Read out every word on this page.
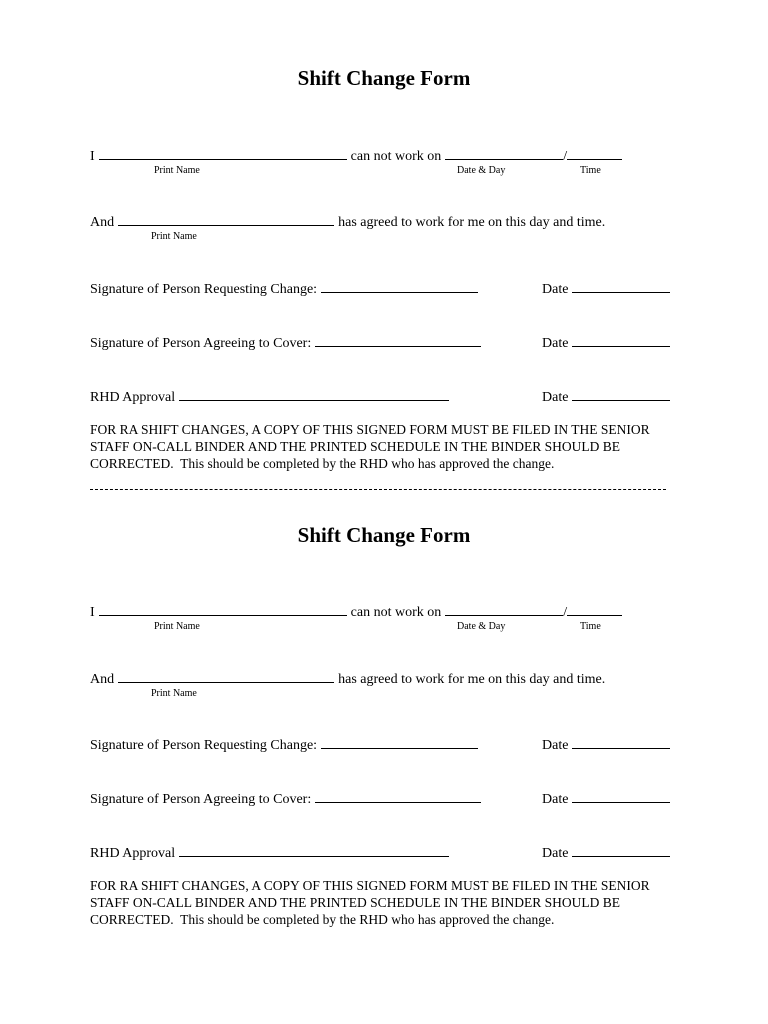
Shift Change Form
I	can not work on	/
Print Name	Date & Day	Time
And	has agreed to work for me on this day and time.
Print Name
Signature of Person Requesting Change:	Date
Signature of Person Agreeing to Cover:	Date
RHD Approval	Date
FOR RA SHIFT CHANGES, A COPY OF THIS SIGNED FORM MUST BE FILED IN THE SENIOR STAFF ON-CALL BINDER AND THE PRINTED SCHEDULE IN THE BINDER SHOULD BE CORRECTED. This should be completed by the RHD who has approved the change.
Shift Change Form
I	can not work on	/
Print Name	Date & Day	Time
And	has agreed to work for me on this day and time.
Print Name
Signature of Person Requesting Change:	Date
Signature of Person Agreeing to Cover:	Date
RHD Approval	Date
FOR RA SHIFT CHANGES, A COPY OF THIS SIGNED FORM MUST BE FILED IN THE SENIOR STAFF ON-CALL BINDER AND THE PRINTED SCHEDULE IN THE BINDER SHOULD BE CORRECTED. This should be completed by the RHD who has approved the change.
